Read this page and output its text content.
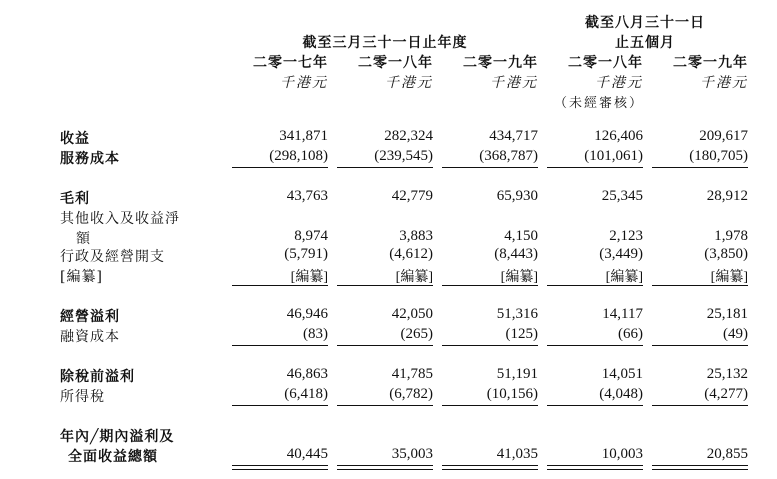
截至三月三十一日止年度
截至八月三十一日
止五個月
二零一七年	二零一八年	二零一九年	二零一八年	二零一九年
千港元	千港元	千港元	千港元	千港元
（未經審核）
收益	341,871	282,324	434,717	126,406	209,617
服務成本	(298,108)	(239,545)	(368,787)	(101,061)	(180,705)
毛利	43,763	42,779	65,930	25,345	28,912
其他收入及收益淨
額	8,974	3,883	4,150	2,123	1,978
行政及經營開支	(5,791)	(4,612)	(8,443)	(3,449)	(3,850)
[編纂]	[編纂]	[編纂]	[編纂]	[編纂]	[編纂]
經營溢利	46,946	42,050	51,316	14,117	25,181
融資成本	(83)	(265)	(125)	(66)	(49)
除稅前溢利	46,863	41,785	51,191	14,051	25,132
所得稅	(6,418)	(6,782)	(10,156)	(4,048)	(4,277)
年內╱期內溢利及
全面收益總額	40,445	35,003	41,035	10,003	20,855
